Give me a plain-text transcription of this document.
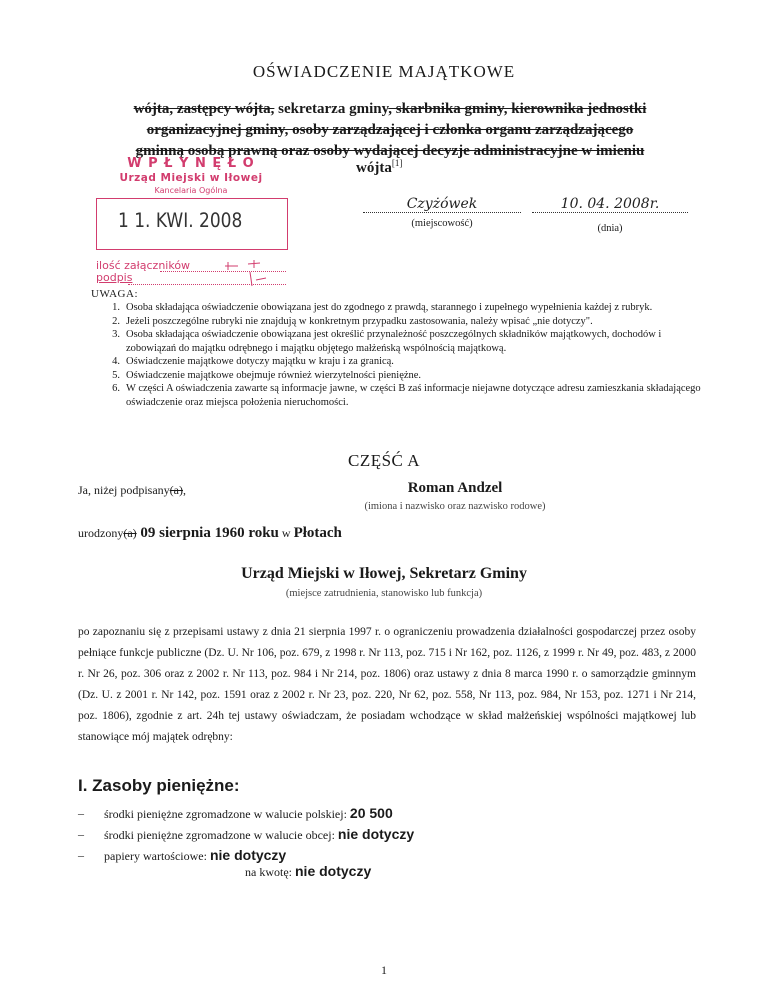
OŚWIADCZENIE MAJĄTKOWE
wójta, zastępcy wójta, sekretarza gminy, skarbnika gminy, kierownika jednostki
organizacyjnej gminy, osoby zarządzającej i członka organu zarządzającego
gminną osobą prawną oraz osoby wydającej decyzje administracyjne w imieniu
wójta[1]
W P Ł Y N Ę Ł O
Urząd Miejski w Iłowej
Kancelaria Ogólna
1 1. KWI. 2008
ilość załączników
podpis
Czyżówek	10. 04. 2008r.
(miejscowość)	(dnia)
UWAGA:
1. Osoba składająca oświadczenie obowiązana jest do zgodnego z prawdą, starannego i zupełnego wypełnienia każdej z rubryk.
2. Jeżeli poszczególne rubryki nie znajdują w konkretnym przypadku zastosowania, należy wpisać „nie dotyczy".
3. Osoba składająca oświadczenie obowiązana jest określić przynależność poszczególnych składników majątkowych, dochodów i zobowiązań do majątku odrębnego i majątku objętego małżeńską wspólnością majątkową.
4. Oświadczenie majątkowe dotyczy majątku w kraju i za granicą.
5. Oświadczenie majątkowe obejmuje również wierzytelności pieniężne.
6. W części A oświadczenia zawarte są informacje jawne, w części B zaś informacje niejawne dotyczące adresu zamieszkania składającego oświadczenie oraz miejsca położenia nieruchomości.
CZĘŚĆ A
Ja, niżej podpisany(a),	Roman Andzel
(imiona i nazwisko oraz nazwisko rodowe)
urodzony(a) 09 sierpnia 1960 roku w Płotach
Urząd Miejski w Iłowej, Sekretarz Gminy
(miejsce zatrudnienia, stanowisko lub funkcja)
po zapoznaniu się z przepisami ustawy z dnia 21 sierpnia 1997 r. o ograniczeniu prowadzenia działalności gospodarczej przez osoby pełniące funkcje publiczne (Dz. U. Nr 106, poz. 679, z 1998 r. Nr 113, poz. 715 i Nr 162, poz. 1126, z 1999 r. Nr 49, poz. 483, z 2000 r. Nr 26, poz. 306 oraz z 2002 r. Nr 113, poz. 984 i Nr 214, poz. 1806) oraz ustawy z dnia 8 marca 1990 r. o samorządzie gminnym (Dz. U. z 2001 r. Nr 142, poz. 1591 oraz z 2002 r. Nr 23, poz. 220, Nr 62, poz. 558, Nr 113, poz. 984, Nr 153, poz. 1271 i Nr 214, poz. 1806), zgodnie z art. 24h tej ustawy oświadczam, że posiadam wchodzące w skład małżeńskiej wspólności majątkowej lub stanowiące mój majątek odrębny:
I. Zasoby pieniężne:
–	środki pieniężne zgromadzone w walucie polskiej: 20 500
–	środki pieniężne zgromadzone w walucie obcej: nie dotyczy
–	papiery wartościowe: nie dotyczy
na kwotę: nie dotyczy
1
